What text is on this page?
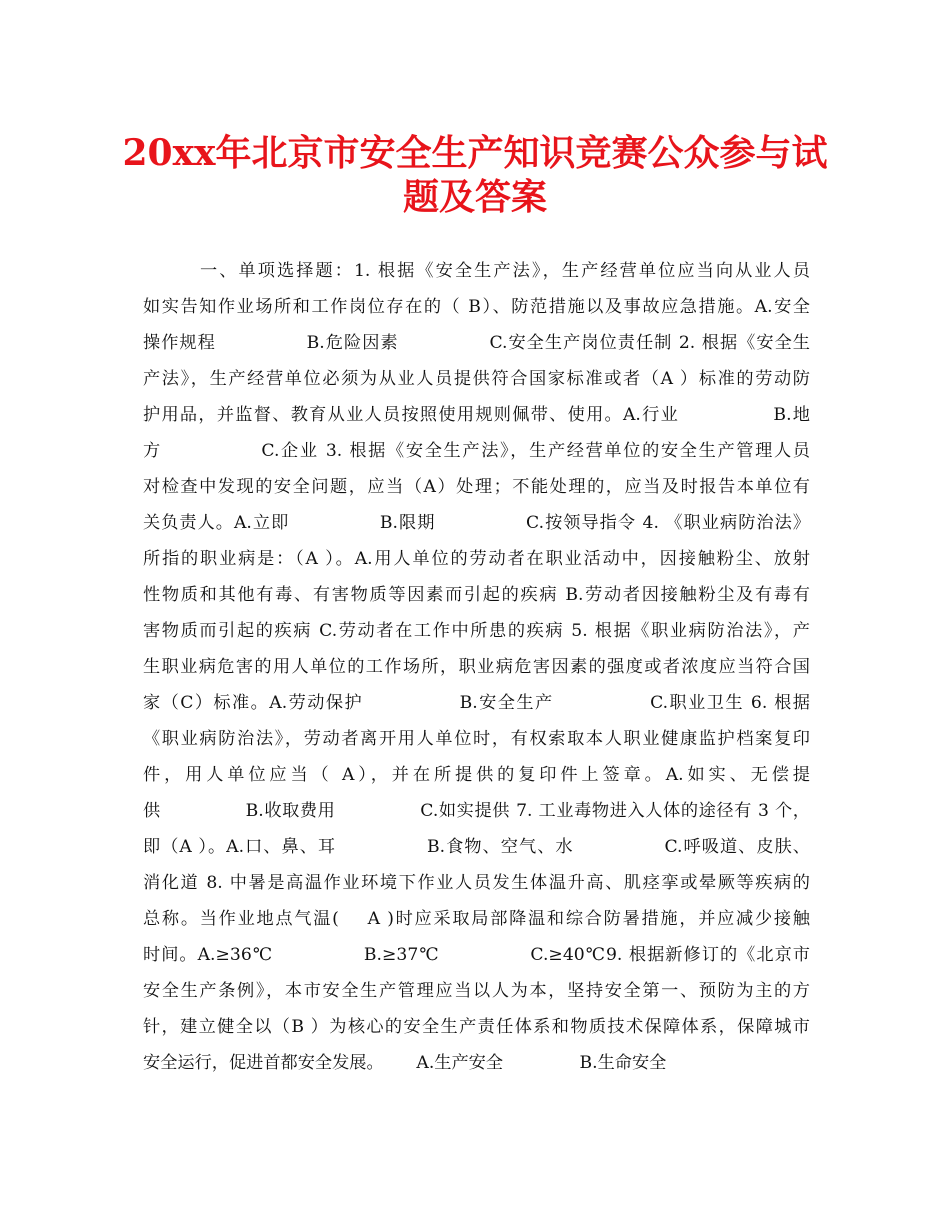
20xx年北京市安全生产知识竞赛公众参与试
题及答案
一、单项选择题：1. 根据《安全生产法》，生产经营单位应当向从业人员
如实告知作业场所和工作岗位存在的（ B）、防范措施以及事故应急措施。A.安全
操作规程              B.危险因素              C.安全生产岗位责任制 2. 根据《安全生
产法》，生产经营单位必须为从业人员提供符合国家标准或者（A ）标准的劳动防
护用品，并监督、教育从业人员按照使用规则佩带、使用。A.行业              B.地
方              C.企业 3. 根据《安全生产法》，生产经营单位的安全生产管理人员
对检查中发现的安全问题，应当（A）处理；不能处理的，应当及时报告本单位有
关负责人。A.立即              B.限期              C.按领导指令 4. 《职业病防治法》
所指的职业病是：（A ）。A.用人单位的劳动者在职业活动中，因接触粉尘、放射
性物质和其他有毒、有害物质等因素而引起的疾病 B.劳动者因接触粉尘及有毒有
害物质而引起的疾病 C.劳动者在工作中所患的疾病 5. 根据《职业病防治法》，产
生职业病危害的用人单位的工作场所，职业病危害因素的强度或者浓度应当符合国
家（C）标准。A.劳动保护              B.安全生产              C.职业卫生 6. 根据
《职业病防治法》，劳动者离开用人单位时，有权索取本人职业健康监护档案复印
件，用人单位应当（ A），并在所提供的复印件上签章。A.如实、无偿提
供              B.收取费用              C.如实提供 7. 工业毒物进入人体的途径有 3 个，
即（A ）。A.口、鼻、耳              B.食物、空气、水              C.呼吸道、皮肤、
消化道 8. 中暑是高温作业环境下作业人员发生体温升高、肌痉挛或晕厥等疾病的
总称。当作业地点气温(    A )时应采取局部降温和综合防暑措施，并应减少接触
时间。A.≥36℃              B.≥37℃              C.≥40℃9. 根据新修订的《北京市
安全生产条例》，本市安全生产管理应当以人为本，坚持安全第一、预防为主的方
针，建立健全以（B ）为核心的安全生产责任体系和物质技术保障体系，保障城市
安全运行，促进首都安全发展。      A.生产安全              B.生命安全
